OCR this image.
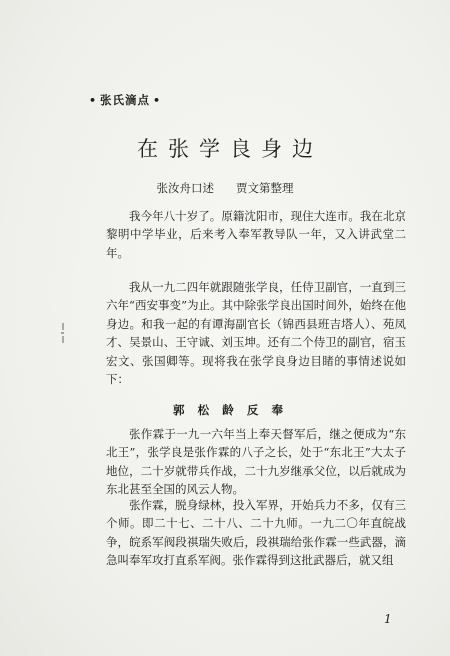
• 张氏滴点 •
在张学良身边
张汝舟口述 贾文第整理

我今年八十岁了。原籍沈阳市，现住大连市。我在北京黎明中学毕业，后来考入奉军教导队一年，又入讲武堂二年。

我从一九二四年就跟随张学良，任侍卫副官，一直到三六年“西安事变”为止。其中除张学良出国时间外，始终在他身边。和我一起的有谭海副官长（锦西县班吉塔人）、苑凤才、吴景山、王守诚、刘玉坤。还有二个侍卫的副官，宿玉宏文、张国卿等。现将我在张学良身边目睹的事情述说如下：

郭 松 龄 反 奉

张作霖于一九一六年当上奉天督军后，继之便成为“东北王”，张学良是张作霖的八子之长，处于“东北王”大太子地位，二十岁就带兵作战，二十九岁继承父位，以后就成为东北甚至全国的风云人物。

张作霖，脱身绿林，投入军界，开始兵力不多，仅有三个师。即二十七、二十八、二十九师。一九二〇年直皖战争，皖系军阀段祺瑞失败后，段祺瑞给张作霖一些武器，滴急叫奉军攻打直系军阀。张作霖得到这批武器后，就又组

1
